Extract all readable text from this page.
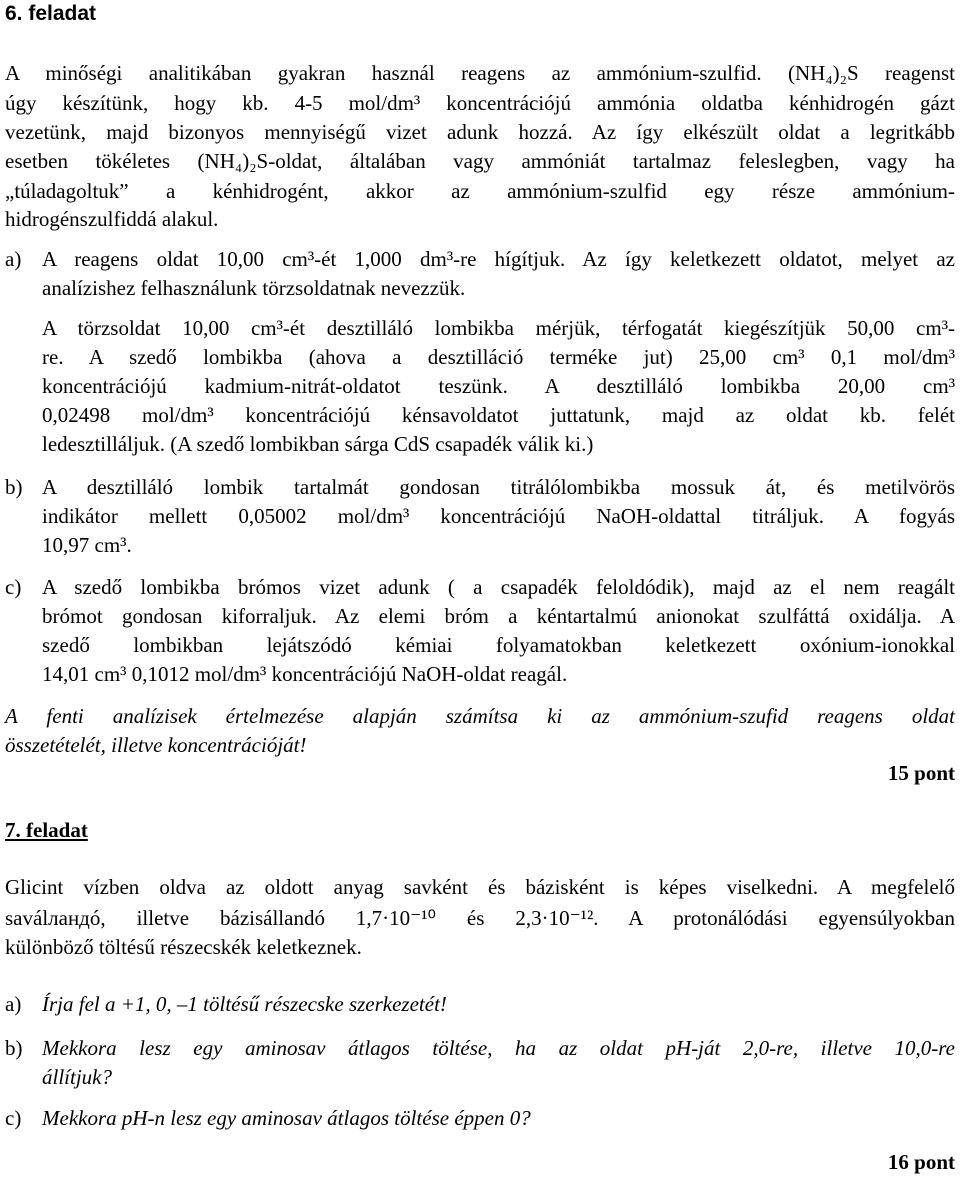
6. feladat
A minőségi analitikában gyakran használ reagens az ammónium-szulfid. (NH₄)₂S reagenst
úgy készítünk, hogy kb. 4-5 mol/dm³ koncentrációjú ammónia oldatba kénhidrogén gázt
vezetünk, majd bizonyos mennyiségű vizet adunk hozzá. Az így elkészült oldat a legritkább
esetben tökéletes (NH₄)₂S-oldat, általában vagy ammóniát tartalmaz feleslegben, vagy ha
„túladagoltuk” a kénhidrogént, akkor az ammónium-szulfid egy része ammónium-
hidrogénszulfiddá alakul.
a) A reagens oldat 10,00 cm³-ét 1,000 dm³-re hígítjuk. Az így keletkezett oldatot, melyet az
analízishez felhasználunk törzsoldatnak nevezzük.
A törzsoldat 10,00 cm³-ét desztilláló lombikba mérjük, térfogatát kiegészítjük 50,00 cm³-
re. A szedő lombikba (ahova a desztilláció terméke jut) 25,00 cm³ 0,1 mol/dm³
koncentrációjú kadmium-nitrát-oldatot teszünk. A desztilláló lombikba 20,00 cm³
0,02498 mol/dm³ koncentrációjú kénsavoldatot juttatunk, majd az oldat kb. felét
ledesztilláljuk. (A szedő lombikban sárga CdS csapadék válik ki.)
b) A desztilláló lombik tartalmát gondosan titrálólombikba mossuk át, és metilvörös
indikátor mellett 0,05002 mol/dm³ koncentrációjú NaOH-oldattal titráljuk. A fogyás
10,97 cm³.
c) A szedő lombikba brómos vizet adunk ( a csapadék feloldódik), majd az el nem reagált
brómot gondosan kiforraljuk. Az elemi bróm a kéntartalmú anionokat szulfáttá oxidálja. A
szedő lombikban lejátszódó kémiai folyamatokban keletkezett oxónium-ionokkal
14,01 cm³ 0,1012 mol/dm³ koncentrációjú NaOH-oldat reagál.
A fenti analízisek értelmezése alapján számítsa ki az ammónium-szufid reagens oldat
összetételét, illetve koncentrációját!
15 pont
7. feladat
Glicint vízben oldva az oldott anyag savként és bázisként is képes viselkedni. A megfelelő
saválландó, illetve bázisállandó 1,7·10⁻¹⁰ és 2,3·10⁻¹². A protonálódási egyensúlyokban
különböző töltésű részecskék keletkeznek.
a) Írja fel a +1, 0, –1 töltésű részecske szerkezetét!
b) Mekkora lesz egy aminosav átlagos töltése, ha az oldat pH-ját 2,0-re, illetve 10,0-re
állítjuk?
c) Mekkora pH-n lesz egy aminosav átlagos töltése éppen 0?
16 pont
